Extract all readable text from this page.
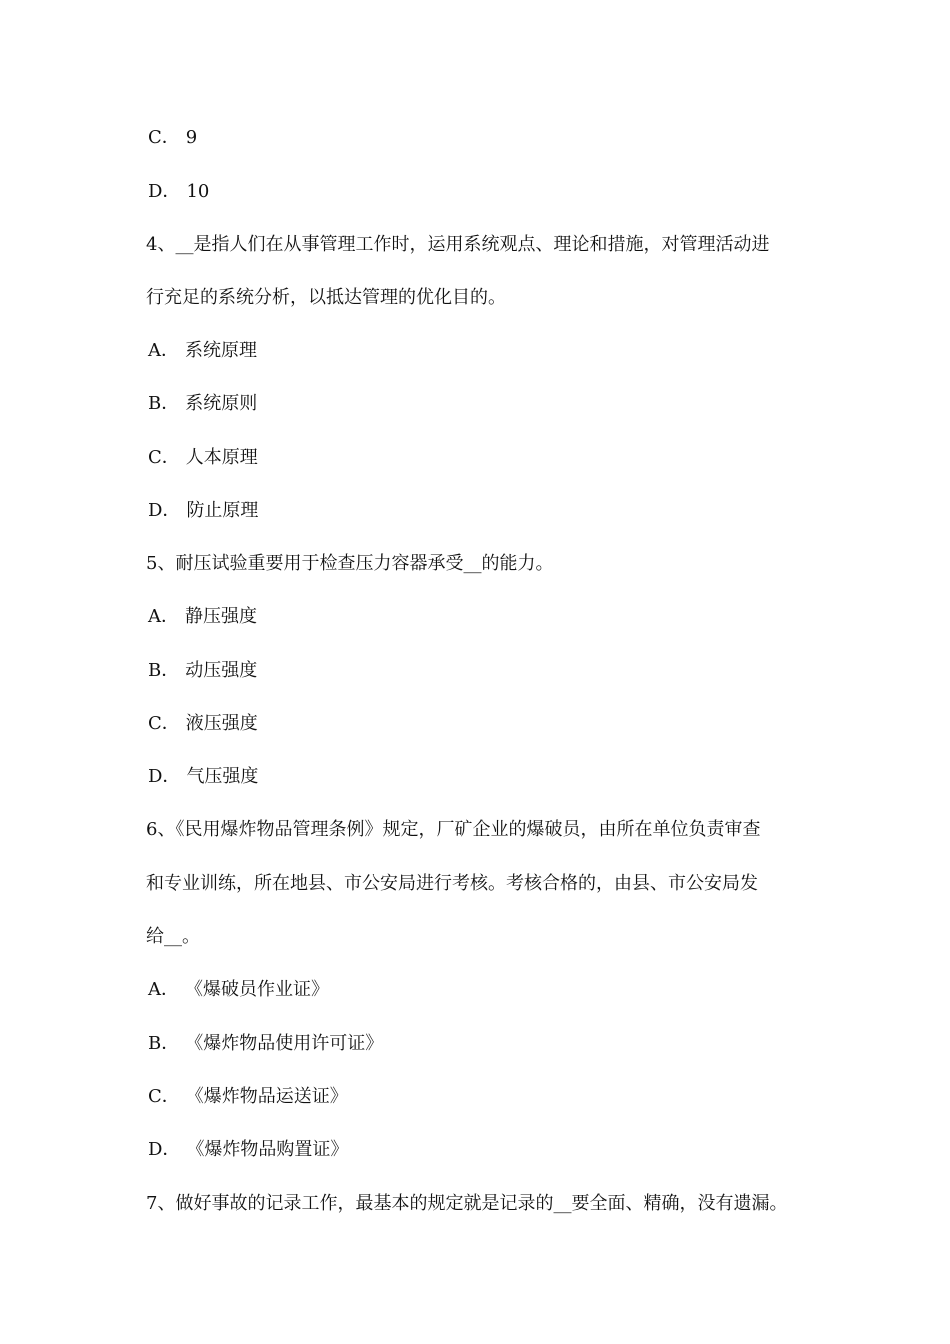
C． 9
D． 10
4、__是指人们在从事管理工作时，运用系统观点、理论和措施，对管理活动进
行充足的系统分析，以抵达管理的优化目的。
A． 系统原理
B． 系统原则
C． 人本原理
D． 防止原理
5、耐压试验重要用于检查压力容器承受__的能力。
A． 静压强度
B． 动压强度
C． 液压强度
D． 气压强度
6、《民用爆炸物品管理条例》规定，厂矿企业的爆破员，由所在单位负责审查
和专业训练，所在地县、市公安局进行考核。考核合格的，由县、市公安局发
给__。
A． 《爆破员作业证》
B． 《爆炸物品使用许可证》
C． 《爆炸物品运送证》
D． 《爆炸物品购置证》
7、做好事故的记录工作，最基本的规定就是记录的__要全面、精确，没有遗漏。
